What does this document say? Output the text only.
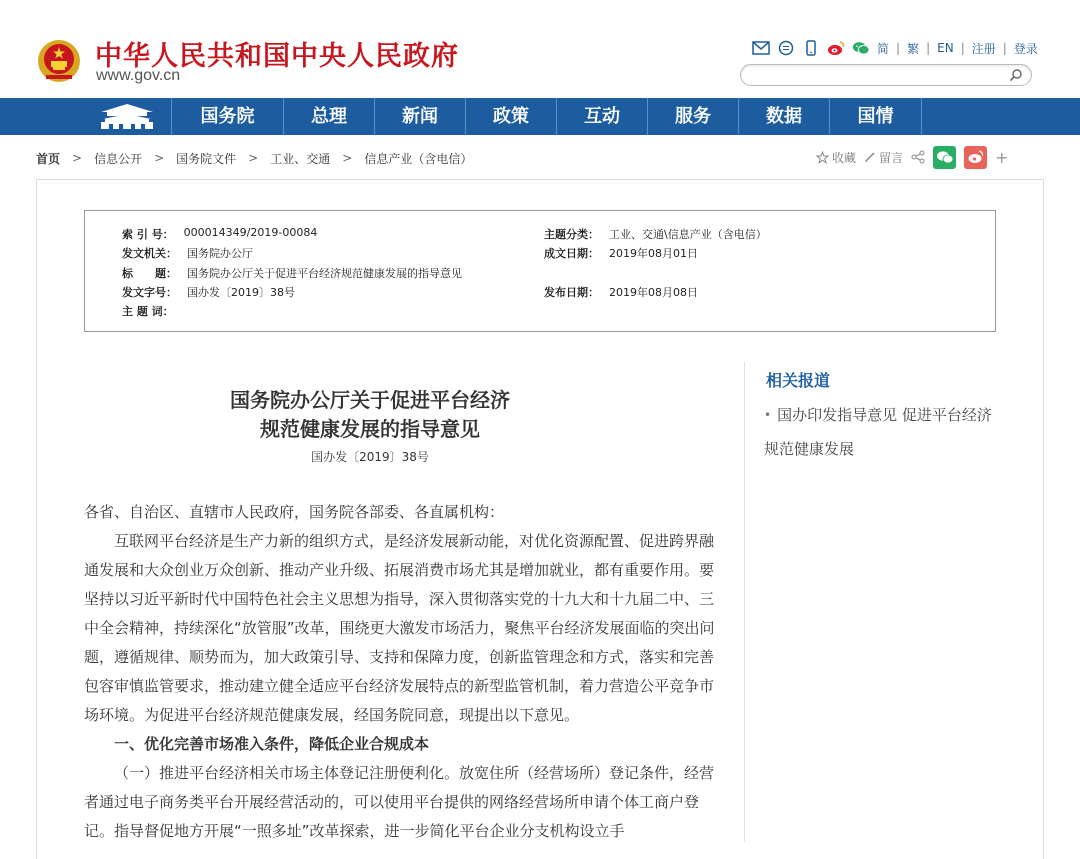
中华人民共和国中央人民政府
www.gov.cn
简 | 繁 | EN | 注册 | 登录
国务院	总理	新闻	政策	互动	服务	数据	国情
首页 > 信息公开 > 国务院文件 > 工业、交通 > 信息产业（含电信）	收藏 留言	+
索 引 号： 000014349/2019-00084	主题分类： 工业、交通\信息产业（含电信）
发文机关： 国务院办公厅	成文日期： 2019年08月01日
标　　题： 国务院办公厅关于促进平台经济规范健康发展的指导意见
发文字号： 国办发〔2019〕38号	发布日期： 2019年08月08日
主 题 词：
国务院办公厅关于促进平台经济
规范健康发展的指导意见
国办发〔2019〕38号
各省、自治区、直辖市人民政府，国务院各部委、各直属机构：
互联网平台经济是生产力新的组织方式，是经济发展新动能，对优化资源配置、促进跨界融通发展和大众创业万众创新、推动产业升级、拓展消费市场尤其是增加就业，都有重要作用。要坚持以习近平新时代中国特色社会主义思想为指导，深入贯彻落实党的十九大和十九届二中、三中全会精神，持续深化“放管服”改革，围绕更大激发市场活力，聚焦平台经济发展面临的突出问题，遵循规律、顺势而为，加大政策引导、支持和保障力度，创新监管理念和方式，落实和完善包容审慎监管要求，推动建立健全适应平台经济发展特点的新型监管机制，着力营造公平竞争市场环境。为促进平台经济规范健康发展，经国务院同意，现提出以下意见。
一、优化完善市场准入条件，降低企业合规成本
（一）推进平台经济相关市场主体登记注册便利化。放宽住所（经营场所）登记条件，经营者通过电子商务类平台开展经营活动的，可以使用平台提供的网络经营场所申请个体工商户登记。指导督促地方开展“一照多址”改革探索，进一步简化平台企业分支机构设立手
相关报道
• 国办印发指导意见 促进平台经济规范健康发展
